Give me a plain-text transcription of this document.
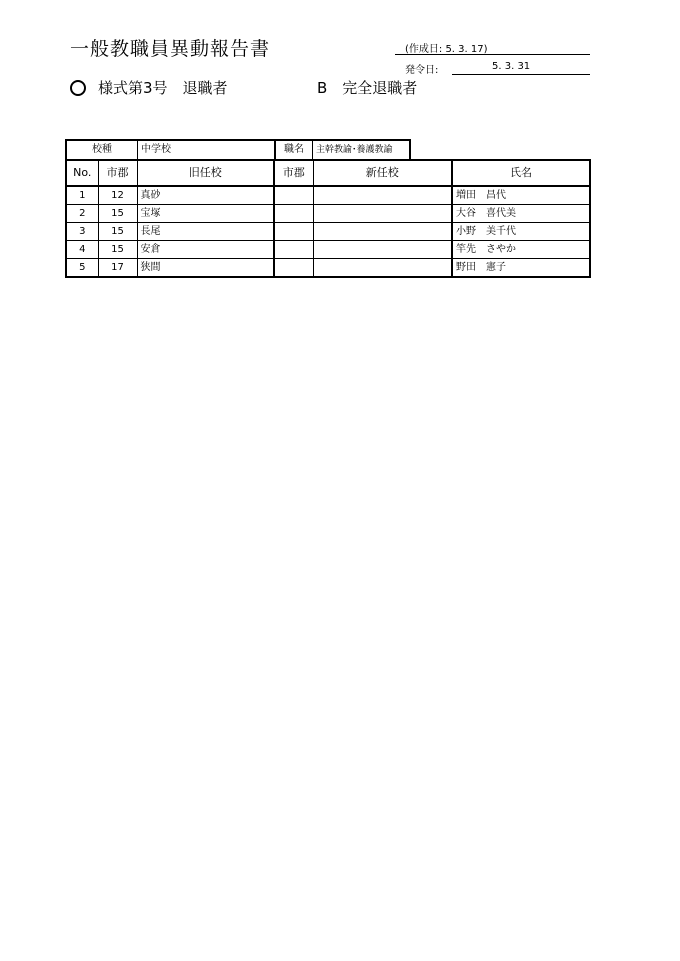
一般教職員異動報告書	(作成日: 5. 3. 17)
発令日:	5. 3. 31
様式第3号　退職者	B　完全退職者
校種	中学校	職名	主幹教諭･養護教諭
No.	市郡	旧任校	市郡	新任校	氏名
1	12	真砂			増田　昌代
2	15	宝塚			大谷　喜代美
3	15	長尾			小野　美千代
4	15	安倉			竿先　さやか
5	17	狭間			野田　憲子
